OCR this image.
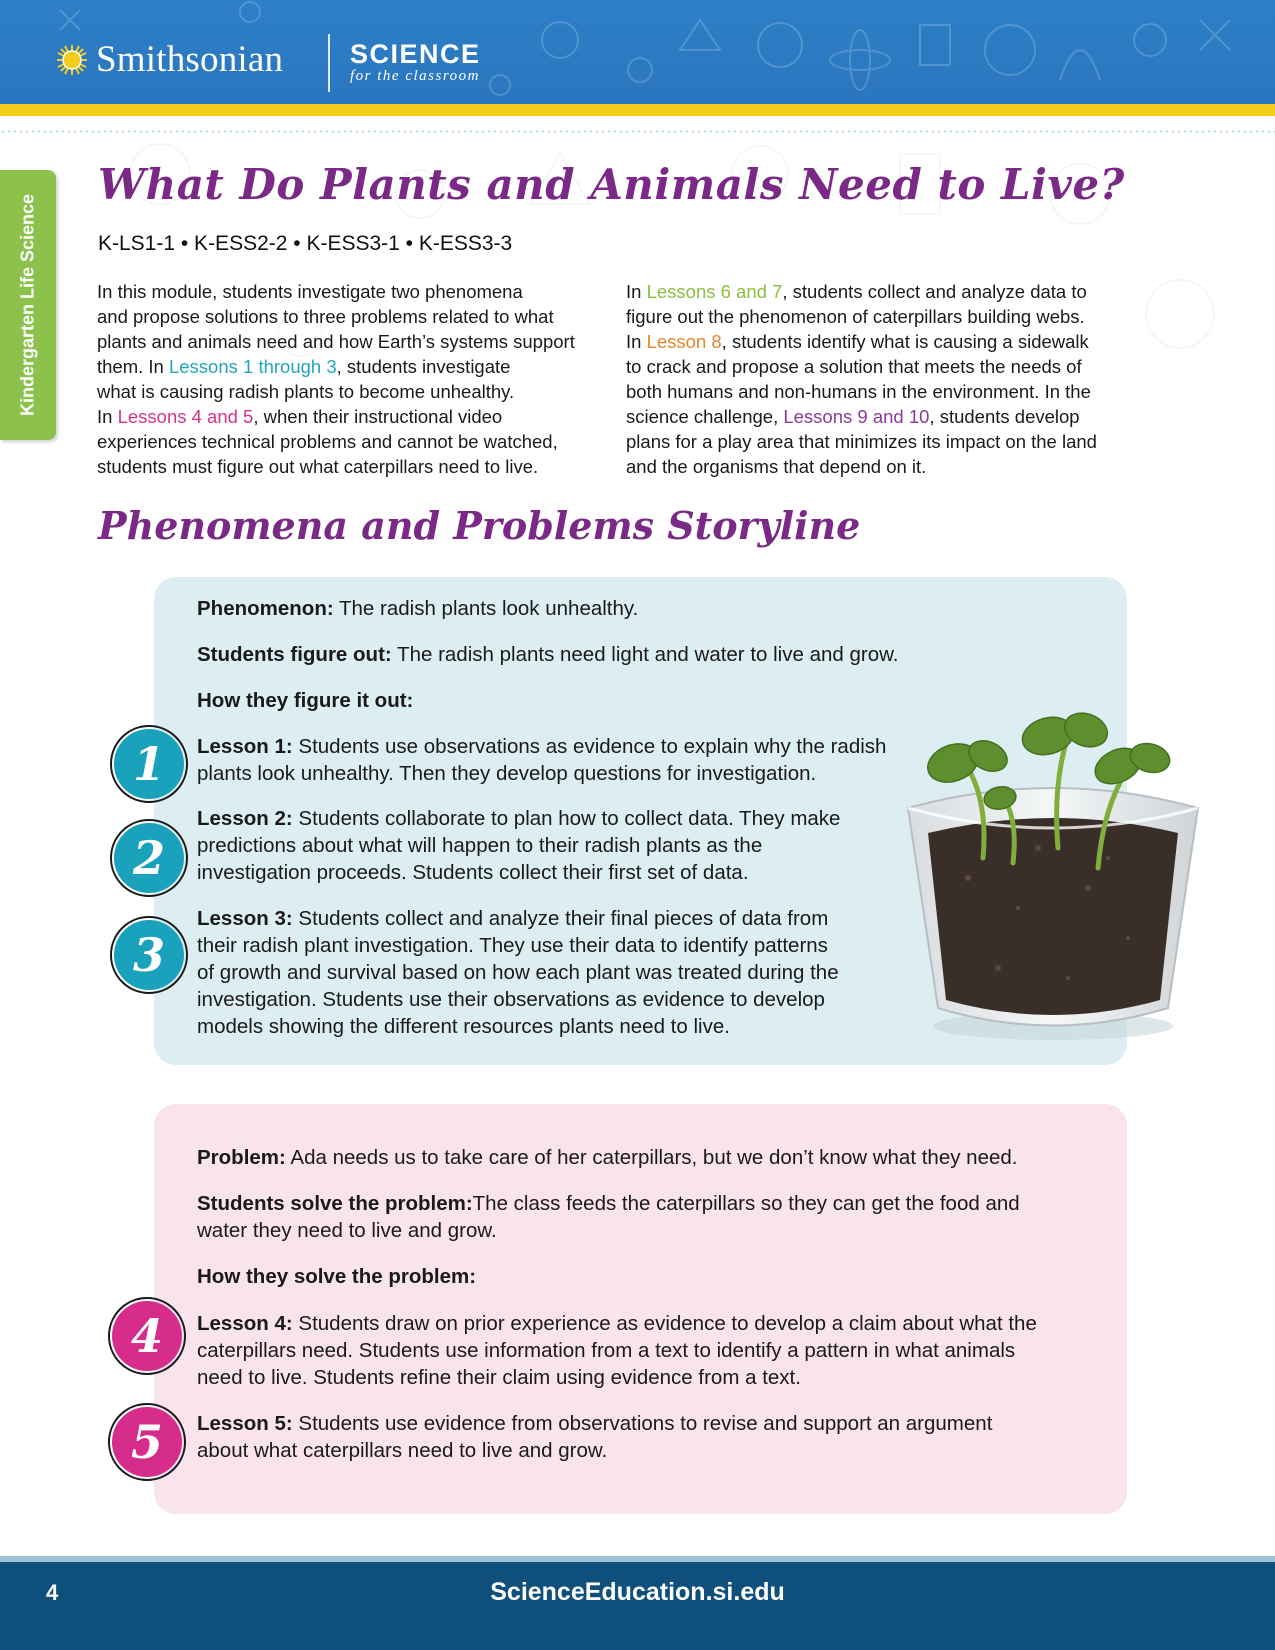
Smithsonian SCIENCE
for the classroom
Kindergarten Life Science
What Do Plants and Animals Need to Live?
K-LS1-1 • K-ESS2-2 • K-ESS3-1 • K-ESS3-3
In this module, students investigate two phenomena
and propose solutions to three problems related to what
plants and animals need and how Earth’s systems support
them. In Lessons 1 through 3, students investigate
what is causing radish plants to become unhealthy.
In Lessons 4 and 5, when their instructional video
experiences technical problems and cannot be watched,
students must figure out what caterpillars need to live.
In Lessons 6 and 7, students collect and analyze data to
figure out the phenomenon of caterpillars building webs.
In Lesson 8, students identify what is causing a sidewalk
to crack and propose a solution that meets the needs of
both humans and non-humans in the environment. In the
science challenge, Lessons 9 and 10, students develop
plans for a play area that minimizes its impact on the land
and the organisms that depend on it.
Phenomena and Problems Storyline
Phenomenon: The radish plants look unhealthy.
Students figure out: The radish plants need light and water to live and grow.
How they figure it out:
Lesson 1: Students use observations as evidence to explain why the radish
plants look unhealthy. Then they develop questions for investigation.
Lesson 2: Students collaborate to plan how to collect data. They make
predictions about what will happen to their radish plants as the
investigation proceeds. Students collect their first set of data.
Lesson 3: Students collect and analyze their final pieces of data from
their radish plant investigation. They use their data to identify patterns
of growth and survival based on how each plant was treated during the
investigation. Students use their observations as evidence to develop
models showing the different resources plants need to live.
1
2
3
Problem: Ada needs us to take care of her caterpillars, but we don’t know what they need.
Students solve the problem:The class feeds the caterpillars so they can get the food and
water they need to live and grow.
How they solve the problem:
Lesson 4: Students draw on prior experience as evidence to develop a claim about what the
caterpillars need. Students use information from a text to identify a pattern in what animals
need to live. Students refine their claim using evidence from a text.
Lesson 5: Students use evidence from observations to revise and support an argument
about what caterpillars need to live and grow.
4
5
4	ScienceEducation.si.edu
